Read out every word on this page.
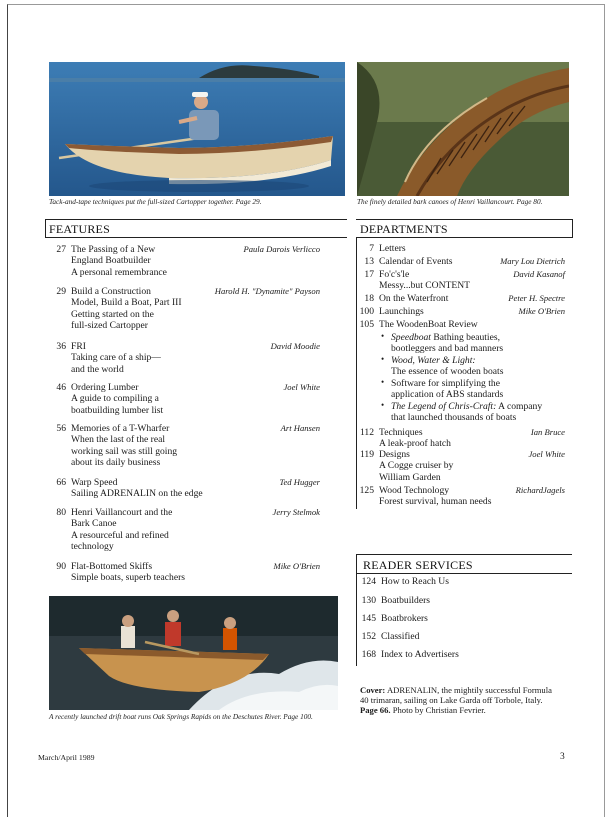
Tack-and-tape techniques put the full-sized Cartopper together. Page 29.	The finely detailed bark canoes of Henri Vaillancourt. Page 80.
FEATURES
27 The Passing of a New
England Boatbuilder
Paula Darois Verlicco
A personal remembrance
29 Build a Construction
Model, Build a Boat, Part III
Harold H. "Dynamite" Payson
Getting started on the
full-sized Cartopper
36 FRI	David Moodie
Taking care of a ship—
and the world
46 Ordering Lumber	Joel White
A guide to compiling a
boatbuilding lumber list
56 Memories of a T-Wharfer
When the last of the real
working sail was still going
about its daily business
Art Hansen
66 Warp Speed	Ted Hugger
Sailing ADRENALIN on the edge
80 Henri Vaillancourt and the
Bark Canoe
Jerry Stelmok
A resourceful and refined
technology
90 Flat-Bottomed Skiffs	Mike O'Brien
Simple boats, superb teachers
A recently launched drift boat runs Oak Springs Rapids on the Deschutes River. Page 100.
DEPARTMENTS
7 Letters
13 Calendar of Events	Mary Lou Dietrich
17 Fo'c's'le	David Kasanof
Messy...but CONTENT
18 On the Waterfront	Peter H. Spectre
100 Launchings	Mike O'Brien
105 The WoodenBoat Review
• Speedboat Bathing beauties,
bootleggers and bad manners
• Wood, Water & Light:
The essence of wooden boats
• Software for simplifying the
application of ABS standards
• The Legend of Chris-Craft: A company
that launched thousands of boats
112 Techniques	Ian Bruce
A leak-proof hatch
119 Designs	Joel White
A Cogge cruiser by
William Garden
125 Wood Technology	RichardJagels
Forest survival, human needs
READER SERVICES
124 How to Reach Us
130 Boatbuilders
145 Boatbrokers
152 Classified
168 Index to Advertisers
Cover: ADRENALIN, the mightily successful Formula 40 trimaran, sailing on Lake Garda off Torbole, Italy. Page 66. Photo by Christian Fevrier.
March/April 1989	3
